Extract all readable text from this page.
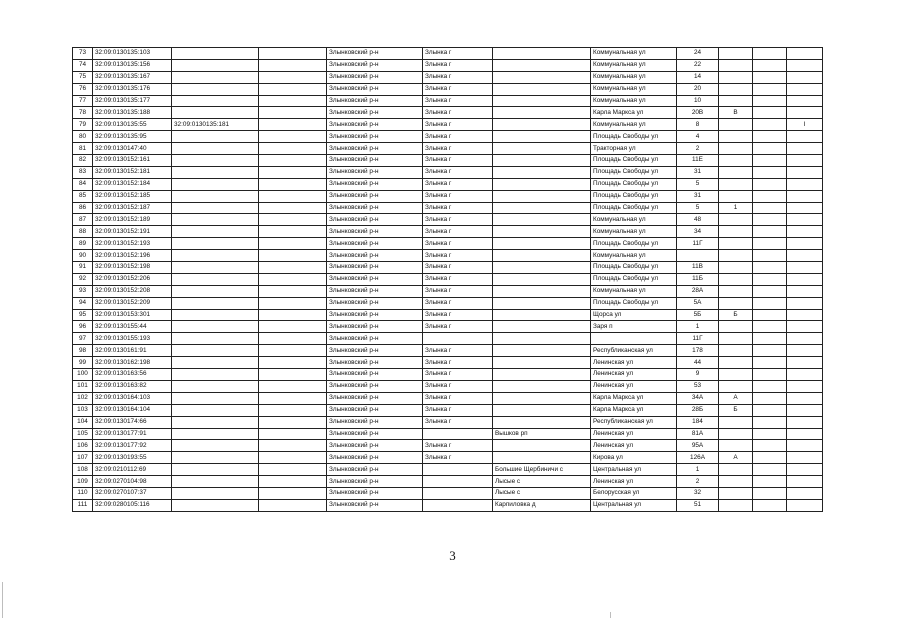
73	32:09:0130135:103			Злынковский р-н	Злынка г		Коммунальная ул	24			
74	32:09:0130135:156			Злынковский р-н	Злынка г		Коммунальная ул	22			
75	32:09:0130135:167			Злынковский р-н	Злынка г		Коммунальная ул	14			
76	32:09:0130135:176			Злынковский р-н	Злынка г		Коммунальная ул	20			
77	32:09:0130135:177			Злынковский р-н	Злынка г		Коммунальная ул	10			
78	32:09:0130135:188			Злынковский р-н	Злынка г		Карла Маркса ул	20В	В		
79	32:09:0130135:55	32:09:0130135:181		Злынковский р-н	Злынка г		Коммунальная ул	8			I
80	32:09:0130135:95			Злынковский р-н	Злынка г		Площадь Свободы ул	4			
81	32:09:0130147:40			Злынковский р-н	Злынка г		Тракторная ул	2			
82	32:09:0130152:161			Злынковский р-н	Злынка г		Площадь Свободы ул	11Е			
83	32:09:0130152:181			Злынковский р-н	Злынка г		Площадь Свободы ул	31			
84	32:09:0130152:184			Злынковский р-н	Злынка г		Площадь Свободы ул	5			
85	32:09:0130152:185			Злынковский р-н	Злынка г		Площадь Свободы ул	31			
86	32:09:0130152:187			Злынковский р-н	Злынка г		Площадь Свободы ул	5	1		
87	32:09:0130152:189			Злынковский р-н	Злынка г		Коммунальная ул	48			
88	32:09:0130152:191			Злынковский р-н	Злынка г		Коммунальная ул	34			
89	32:09:0130152:193			Злынковский р-н	Злынка г		Площадь Свободы ул	11Г			
90	32:09:0130152:196			Злынковский р-н	Злынка г		Коммунальная ул				
91	32:09:0130152:198			Злынковский р-н	Злынка г		Площадь Свободы ул	11В			
92	32:09:0130152:206			Злынковский р-н	Злынка г		Площадь Свободы ул	11Б			
93	32:09:0130152:208			Злынковский р-н	Злынка г		Коммунальная ул	28А			
94	32:09:0130152:209			Злынковский р-н	Злынка г		Площадь Свободы ул	5А			
95	32:09:0130153:301			Злынковский р-н	Злынка г		Щорса ул	5Б	Б		
96	32:09:0130155:44			Злынковский р-н	Злынка г		Заря п	1			
97	32:09:0130155:193			Злынковский р-н				11Г			
98	32:09:0130161:91			Злынковский р-н	Злынка г		Республиканская ул	178			
99	32:09:0130162:198			Злынковский р-н	Злынка г		Ленинская ул	44			
100	32:09:0130163:56			Злынковский р-н	Злынка г		Ленинская ул	9			
101	32:09:0130163:82			Злынковский р-н	Злынка г		Ленинская ул	53			
102	32:09:0130164:103			Злынковский р-н	Злынка г		Карла Маркса ул	34А	А		
103	32:09:0130164:104			Злынковский р-н	Злынка г		Карла Маркса ул	28Б	Б		
104	32:09:0130174:66			Злынковский р-н	Злынка г		Республиканская ул	184			
105	32:09:0130177:91			Злынковский р-н		Вышков рп	Ленинская ул	81А			
106	32:09:0130177:92			Злынковский р-н	Злынка г		Ленинская ул	95А			
107	32:09:0130193:55			Злынковский р-н	Злынка г		Кирова ул	126А	А		
108	32:09:0210112:69			Злынковский р-н		Большие Щербиничи с	Центральная ул	1			
109	32:09:0270104:98			Злынковский р-н		Лысые с	Ленинская ул	2			
110	32:09:0270107:37			Злынковский р-н		Лысые с	Белорусская ул	32			
111	32:09:0280105:116			Злынковский р-н		Карпиловка д	Центральная ул	51			
3
